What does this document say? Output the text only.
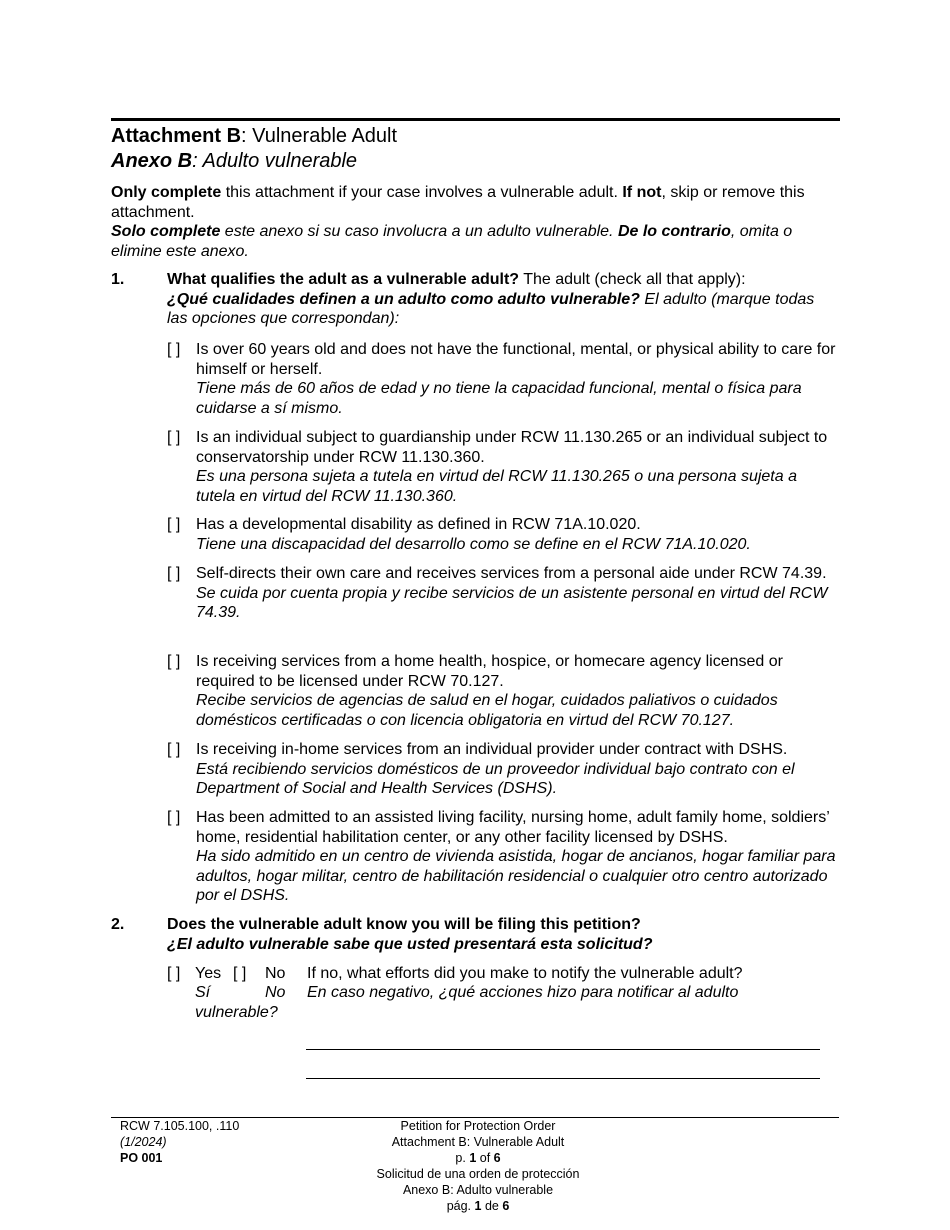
Attachment B: Vulnerable Adult
Anexo B: Adulto vulnerable
Only complete this attachment if your case involves a vulnerable adult. If not, skip or remove this attachment.
Solo complete este anexo si su caso involucra a un adulto vulnerable. De lo contrario, omita o elimine este anexo.
1.	What qualifies the adult as a vulnerable adult? The adult (check all that apply):
¿Qué cualidades definen a un adulto como adulto vulnerable? El adulto (marque todas las opciones que correspondan):
[ ] Is over 60 years old and does not have the functional, mental, or physical ability to care for himself or herself.
Tiene más de 60 años de edad y no tiene la capacidad funcional, mental o física para cuidarse a sí mismo.
[ ] Is an individual subject to guardianship under RCW 11.130.265 or an individual subject to conservatorship under RCW 11.130.360.
Es una persona sujeta a tutela en virtud del RCW 11.130.265 o una persona sujeta a tutela en virtud del RCW 11.130.360.
[ ] Has a developmental disability as defined in RCW 71A.10.020.
Tiene una discapacidad del desarrollo como se define en el RCW 71A.10.020.
[ ] Self-directs their own care and receives services from a personal aide under RCW 74.39.
Se cuida por cuenta propia y recibe servicios de un asistente personal en virtud del RCW 74.39.
[ ] Is receiving services from a home health, hospice, or homecare agency licensed or required to be licensed under RCW 70.127.
Recibe servicios de agencias de salud en el hogar, cuidados paliativos o cuidados domésticos certificadas o con licencia obligatoria en virtud del RCW 70.127.
[ ] Is receiving in-home services from an individual provider under contract with DSHS.
Está recibiendo servicios domésticos de un proveedor individual bajo contrato con el Department of Social and Health Services (DSHS).
[ ] Has been admitted to an assisted living facility, nursing home, adult family home, soldiers’ home, residential habilitation center, or any other facility licensed by DSHS.
Ha sido admitido en un centro de vivienda asistida, hogar de ancianos, hogar familiar para adultos, hogar militar, centro de habilitación residencial o cualquier otro centro autorizado por el DSHS.
2.	Does the vulnerable adult know you will be filing this petition?
¿El adulto vulnerable sabe que usted presentará esta solicitud?
[ ] Yes [ ] No
Sí	No
If no, what efforts did you make to notify the vulnerable adult?
En caso negativo, ¿qué acciones hizo para notificar al adulto
vulnerable?
RCW 7.105.100, .110
(1/2024)
PO 001
Petition for Protection Order
Attachment B: Vulnerable Adult
p. 1 of 6
Solicitud de una orden de protección
Anexo B: Adulto vulnerable
pág. 1 de 6
